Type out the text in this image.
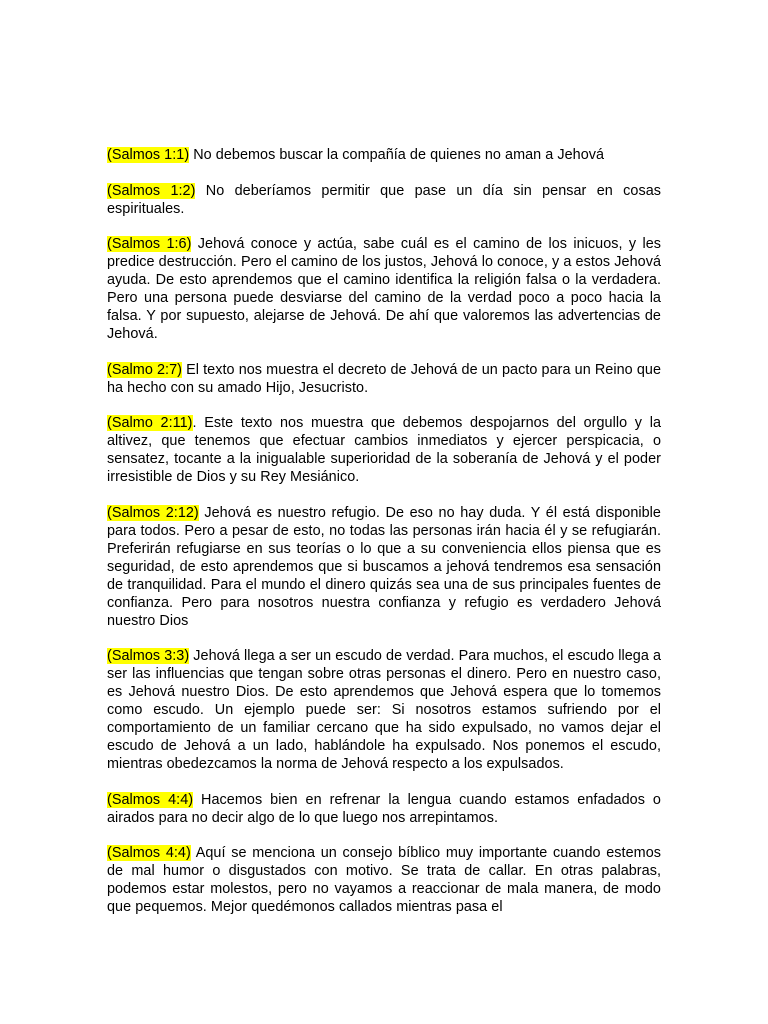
(Salmos 1:1) No debemos buscar la compañía de quienes no aman a Jehová

(Salmos 1:2) No deberíamos permitir que pase un día sin pensar en cosas espirituales.

(Salmos 1:6) Jehová conoce y actúa, sabe cuál es el camino de los inicuos, y les predice destrucción. Pero el camino de los justos, Jehová lo conoce, y a estos Jehová ayuda. De esto aprendemos que el camino identifica la religión falsa o la verdadera. Pero una persona puede desviarse del camino de la verdad poco a poco hacia la falsa. Y por supuesto, alejarse de Jehová. De ahí que valoremos las advertencias de Jehová.

(Salmo 2:7) El texto nos muestra el decreto de Jehová de un pacto para un Reino que ha hecho con su amado Hijo, Jesucristo.

(Salmo 2:11). Este texto nos muestra que debemos despojarnos del orgullo y la altivez, que tenemos que efectuar cambios inmediatos y ejercer perspicacia, o sensatez, tocante a la inigualable superioridad de la soberanía de Jehová y el poder irresistible de Dios y su Rey Mesiánico.

(Salmos 2:12) Jehová es nuestro refugio. De eso no hay duda. Y él está disponible para todos. Pero a pesar de esto, no todas las personas irán hacia él y se refugiarán. Preferirán refugiarse en sus teorías o lo que a su conveniencia ellos piensa que es seguridad, de esto aprendemos que si buscamos a jehová tendremos esa sensación de tranquilidad. Para el mundo el dinero quizás sea una de sus principales fuentes de confianza. Pero para nosotros nuestra confianza y refugio es verdadero Jehová nuestro Dios

(Salmos 3:3) Jehová llega a ser un escudo de verdad. Para muchos, el escudo llega a ser las influencias que tengan sobre otras personas el dinero. Pero en nuestro caso, es Jehová nuestro Dios. De esto aprendemos que Jehová espera que lo tomemos como escudo. Un ejemplo puede ser: Si nosotros estamos sufriendo por el comportamiento de un familiar cercano que ha sido expulsado, no vamos dejar el escudo de Jehová a un lado, hablándole ha expulsado. Nos ponemos el escudo, mientras obedezcamos la norma de Jehová respecto a los expulsados.

(Salmos 4:4) Hacemos bien en refrenar la lengua cuando estamos enfadados o airados para no decir algo de lo que luego nos arrepintamos.

(Salmos 4:4) Aquí se menciona un consejo bíblico muy importante cuando estemos de mal humor o disgustados con motivo. Se trata de callar. En otras palabras, podemos estar molestos, pero no vayamos a reaccionar de mala manera, de modo que pequemos. Mejor quedémonos callados mientras pasa el
